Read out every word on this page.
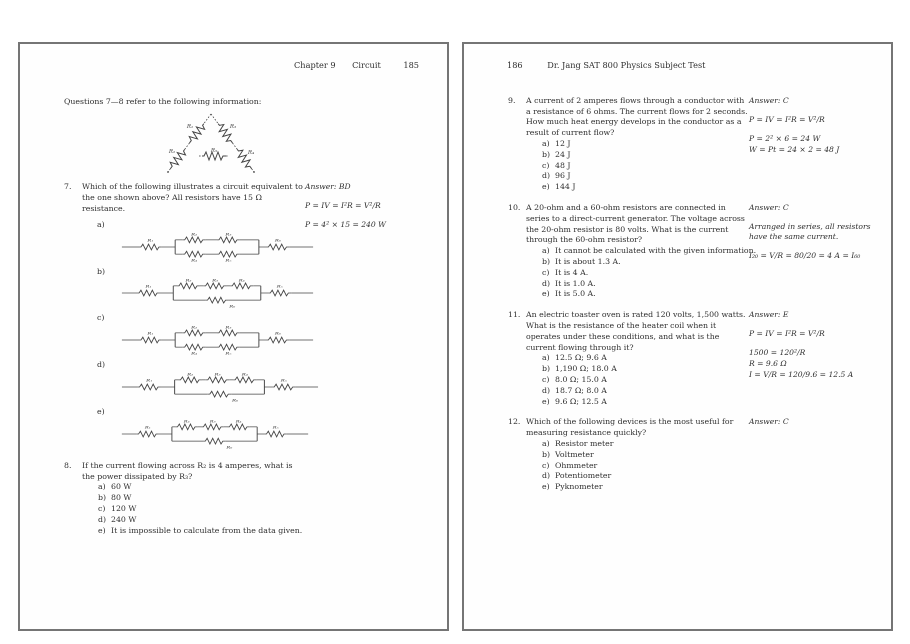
Chapter 9 Circuit	185
Questions 7—8 refer to the following information:
R₁
R₂
R₃
R₄
R₅
7. Which of the following illustrates a circuit equivalent to the one shown above? All resistors have 15 Ω resistance.
Answer: BD
P = IV = I²R = V²/R
P = 4² × 15 = 240 W
a)
R₁
R₂	R₃
R₄	R₅
R₆
b)
R₁
R₂	R₃	R₄
R₆
R₅
c)
R₁
R₂	R₃
R₄	R₅
R₆
d)
R₁
R₂	R₃	R₄
R₆
R₅
e)
R₁
R₂	R₃	R₄
R₆
R₅
8. If the current flowing across R₂ is 4 amperes, what is the power dissipated by R₃?
a) 60 W
b) 80 W
c) 120 W
d) 240 W
e) It is impossible to calculate from the data given.
186	Dr. Jang SAT 800 Physics Subject Test
9. A current of 2 amperes flows through a conductor with a resistance of 6 ohms. The current flows for 2 seconds. How much heat energy develops in the conductor as a result of current flow?
a) 12 J
b) 24 J
c) 48 J
d) 96 J
e) 144 J
Answer: C
P = IV = I²R = V²/R
P = 2² × 6 = 24 W
W = Pt = 24 × 2 = 48 J
10. A 20-ohm and a 60-ohm resistors are connected in series to a direct-current generator. The voltage across the 20-ohm resistor is 80 volts. What is the current through the 60-ohm resistor?
a) It cannot be calculated with the given information.
b) It is about 1.3 A.
c) It is 4 A.
d) It is 1.0 A.
e) It is 5.0 A.
Answer: C
Arranged in series, all resistors have the same current.
I₂₀ = V/R = 80/20 = 4 A = I₆₀
11. An electric toaster oven is rated 120 volts, 1,500 watts. What is the resistance of the heater coil when it operates under these conditions, and what is the current flowing through it?
a) 12.5 Ω; 9.6 A
b) 1,190 Ω; 18.0 A
c) 8.0 Ω; 15.0 A
d) 18.7 Ω; 8.0 A
e) 9.6 Ω; 12.5 A
Answer: E
P = IV = I²R = V²/R
1500 = 120²/R
R = 9.6 Ω
I = V/R = 120/9.6 = 12.5 A
12. Which of the following devices is the most useful for measuring resistance quickly?
a) Resistor meter
b) Voltmeter
c) Ohmmeter
d) Potentiometer
e) Pyknometer
Answer: C
